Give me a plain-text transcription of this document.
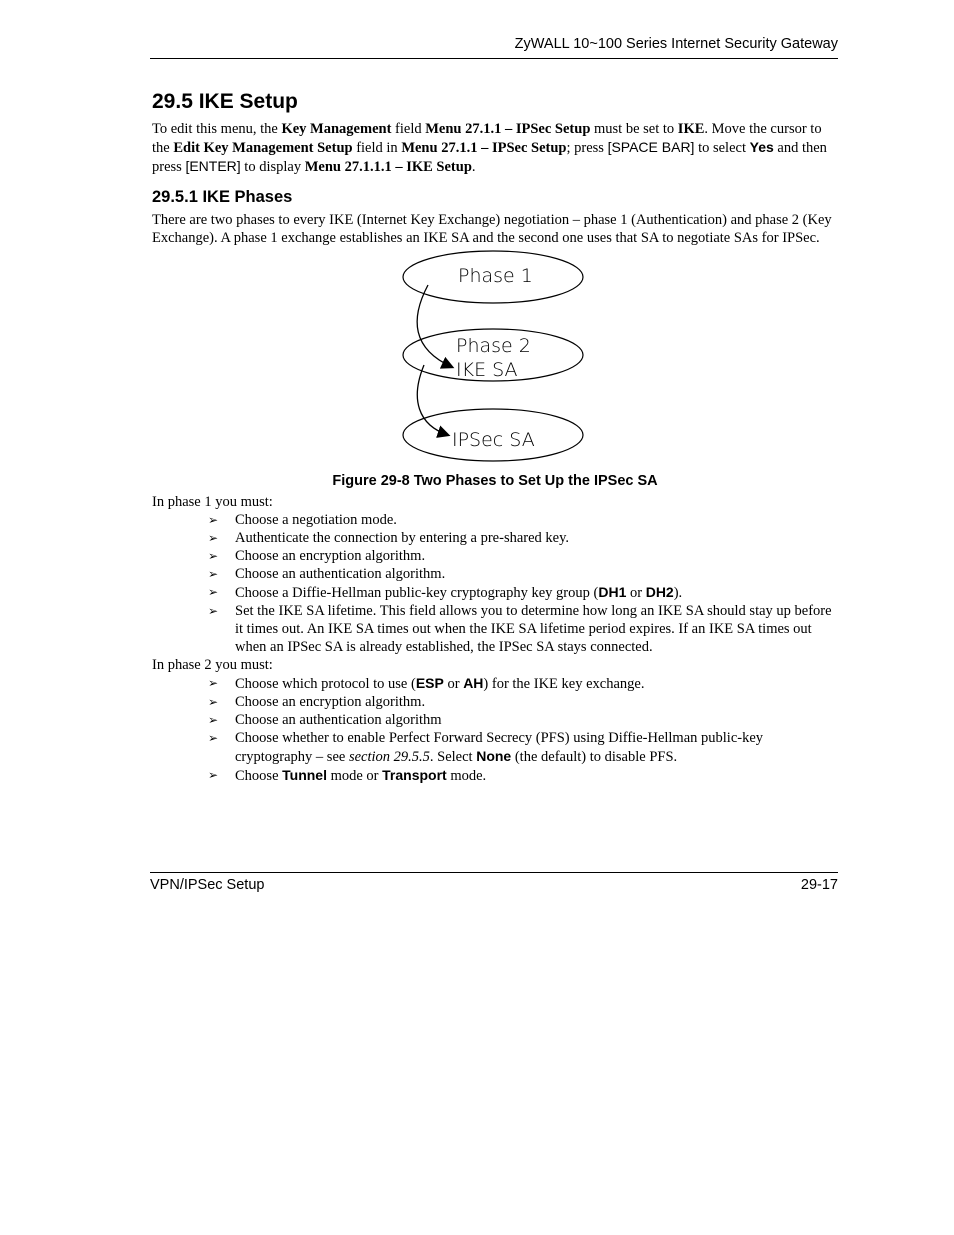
ZyWALL 10~100 Series Internet Security Gateway
29.5 IKE Setup

To edit this menu, the Key Management field Menu 27.1.1 – IPSec Setup must be set to IKE. Move the cursor to the Edit Key Management Setup field in Menu 27.1.1 – IPSec Setup; press [SPACE BAR] to select Yes and then press [ENTER] to display Menu 27.1.1.1 – IKE Setup.

29.5.1 IKE Phases

There are two phases to every IKE (Internet Key Exchange) negotiation – phase 1 (Authentication) and phase 2 (Key Exchange). A phase 1 exchange establishes an IKE SA and the second one uses that SA to negotiate SAs for IPSec.

Phase 1
Phase 2
IKE SA
IPSec SA
Figure 29-8 Two Phases to Set Up the IPSec SA

In phase 1 you must:

➢ Choose a negotiation mode.
➢ Authenticate the connection by entering a pre-shared key.
➢ Choose an encryption algorithm.
➢ Choose an authentication algorithm.
➢ Choose a Diffie-Hellman public-key cryptography key group (DH1 or DH2).
➢ Set the IKE SA lifetime. This field allows you to determine how long an IKE SA should stay up before it times out. An IKE SA times out when the IKE SA lifetime period expires. If an IKE SA times out when an IPSec SA is already established, the IPSec SA stays connected.

In phase 2 you must:

➢ Choose which protocol to use (ESP or AH) for the IKE key exchange.
➢ Choose an encryption algorithm.
➢ Choose an authentication algorithm
➢ Choose whether to enable Perfect Forward Secrecy (PFS) using Diffie-Hellman public-key cryptography – see section 29.5.5. Select None (the default) to disable PFS.
➢ Choose Tunnel mode or Transport mode.
VPN/IPSec Setup	29-17
